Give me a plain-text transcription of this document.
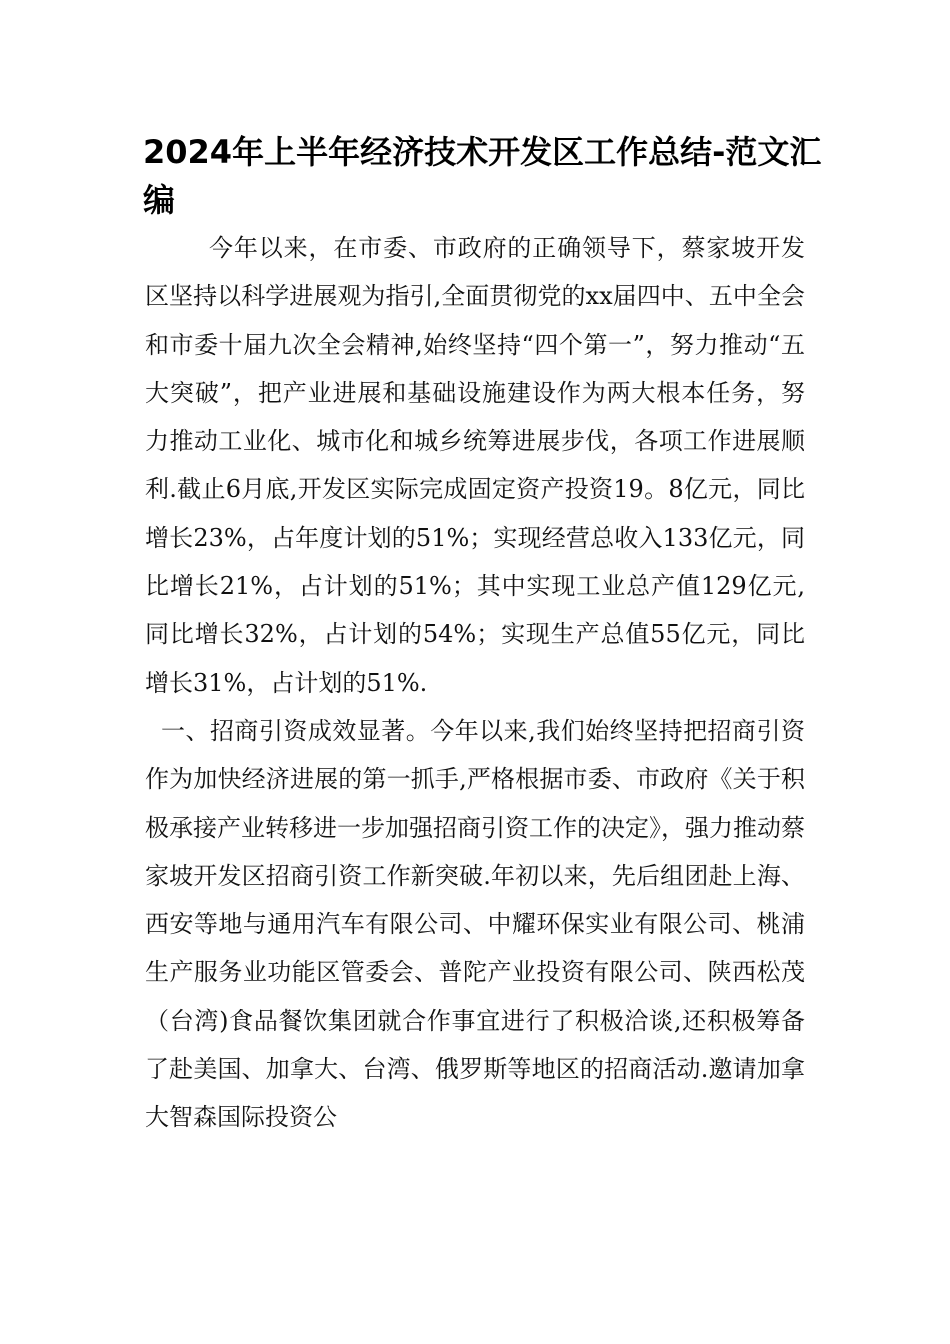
2024年上半年经济技术开发区工作总结-范文汇编

今年以来，在市委、市政府的正确领导下，蔡家坡开发区坚持以科学进展观为指引,全面贯彻党的xx届四中、五中全会和市委十届九次全会精神,始终坚持“四个第一”，努力推动“五大突破”，把产业进展和基础设施建设作为两大根本任务，努力推动工业化、城市化和城乡统筹进展步伐，各项工作进展顺利.截止6月底,开发区实际完成固定资产投资19。8亿元，同比增长23%，占年度计划的51%；实现经营总收入133亿元，同比增长21%，占计划的51%；其中实现工业总产值129亿元,同比增长32%，占计划的54%；实现生产总值55亿元，同比增长31%，占计划的51%.

一、招商引资成效显著。今年以来,我们始终坚持把招商引资作为加快经济进展的第一抓手,严格根据市委、市政府《关于积极承接产业转移进一步加强招商引资工作的决定》，强力推动蔡家坡开发区招商引资工作新突破.年初以来，先后组团赴上海、西安等地与通用汽车有限公司、中耀环保实业有限公司、桃浦生产服务业功能区管委会、普陀产业投资有限公司、陕西松茂（台湾)食品餐饮集团就合作事宜进行了积极洽谈,还积极筹备了赴美国、加拿大、台湾、俄罗斯等地区的招商活动.邀请加拿大智森国际投资公
